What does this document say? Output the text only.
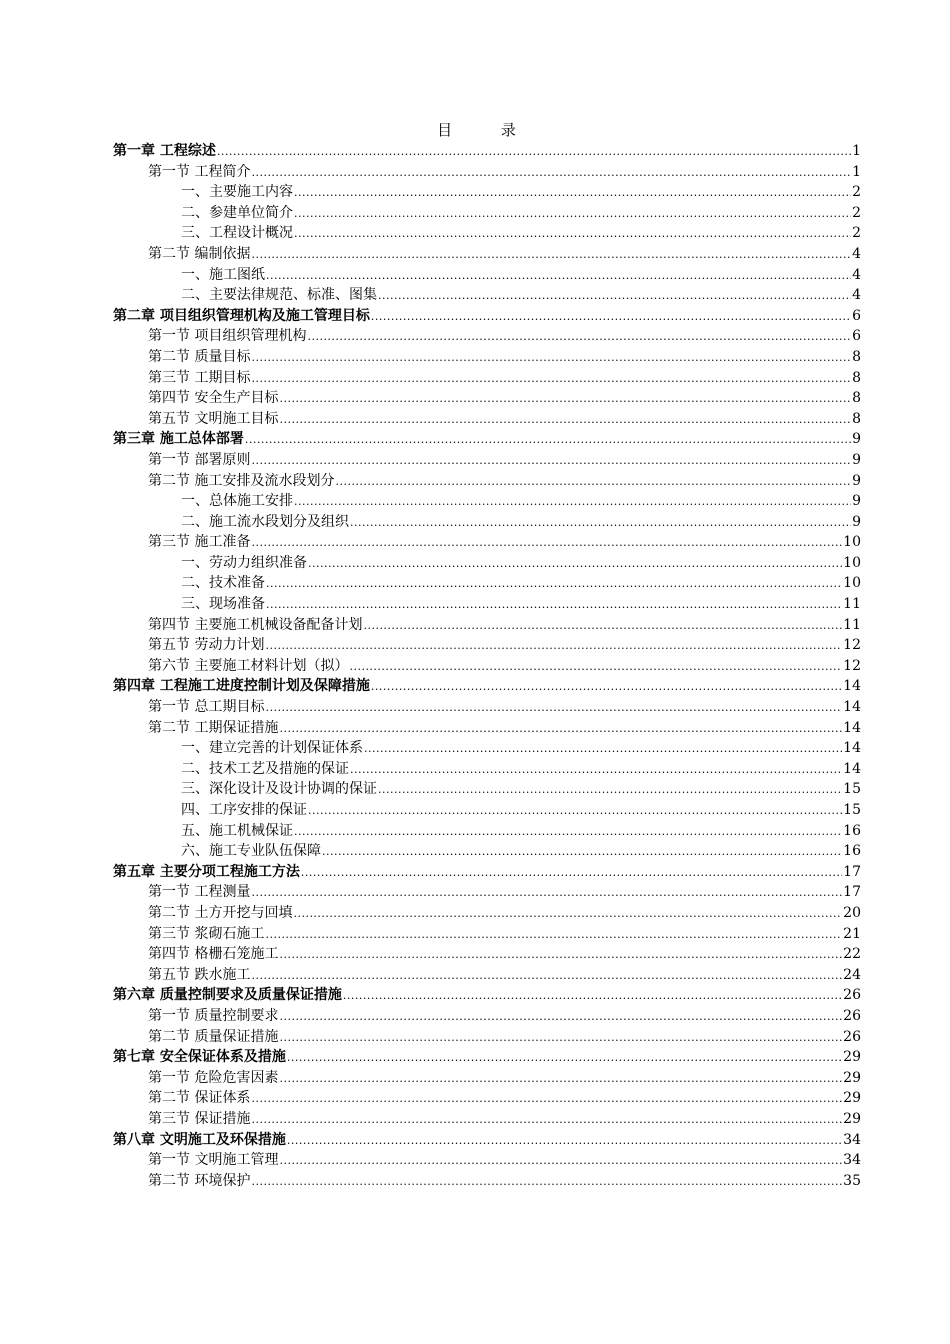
目 录
第一章 工程综述 .....	1
第一节 工程简介 .....	1
一、主要施工内容 .....	2
二、参建单位简介 .....	2
三、工程设计概况 .....	2
第二节 编制依据 .....	4
一、施工图纸 .....	4
二、主要法律规范、标准、图集 .....	4
第二章 项目组织管理机构及施工管理目标 .....	6
第一节 项目组织管理机构 .....	6
第二节 质量目标 .....	8
第三节 工期目标 .....	8
第四节 安全生产目标 .....	8
第五节 文明施工目标 .....	8
第三章 施工总体部署 .....	9
第一节 部署原则 .....	9
第二节 施工安排及流水段划分 .....	9
一、总体施工安排 .....	9
二、施工流水段划分及组织 .....	9
第三节 施工准备 .....	10
一、劳动力组织准备 .....	10
二、技术准备 .....	10
三、现场准备 .....	11
第四节 主要施工机械设备配备计划 .....	11
第五节 劳动力计划 .....	12
第六节 主要施工材料计划（拟） .....	12
第四章 工程施工进度控制计划及保障措施 .....	14
第一节 总工期目标 .....	14
第二节 工期保证措施 .....	14
一、建立完善的计划保证体系 .....	14
二、技术工艺及措施的保证 .....	14
三、深化设计及设计协调的保证 .....	15
四、工序安排的保证 .....	15
五、施工机械保证 .....	16
六、施工专业队伍保障 .....	16
第五章 主要分项工程施工方法 .....	17
第一节 工程测量 .....	17
第二节 土方开挖与回填 .....	20
第三节 浆砌石施工 .....	21
第四节 格栅石笼施工 .....	22
第五节 跌水施工 .....	24
第六章 质量控制要求及质量保证措施 .....	26
第一节 质量控制要求 .....	26
第二节 质量保证措施 .....	26
第七章 安全保证体系及措施 .....	29
第一节 危险危害因素 .....	29
第二节 保证体系 .....	29
第三节 保证措施 .....	29
第八章 文明施工及环保措施 .....	34
第一节 文明施工管理 .....	34
第二节 环境保护 .....	35
